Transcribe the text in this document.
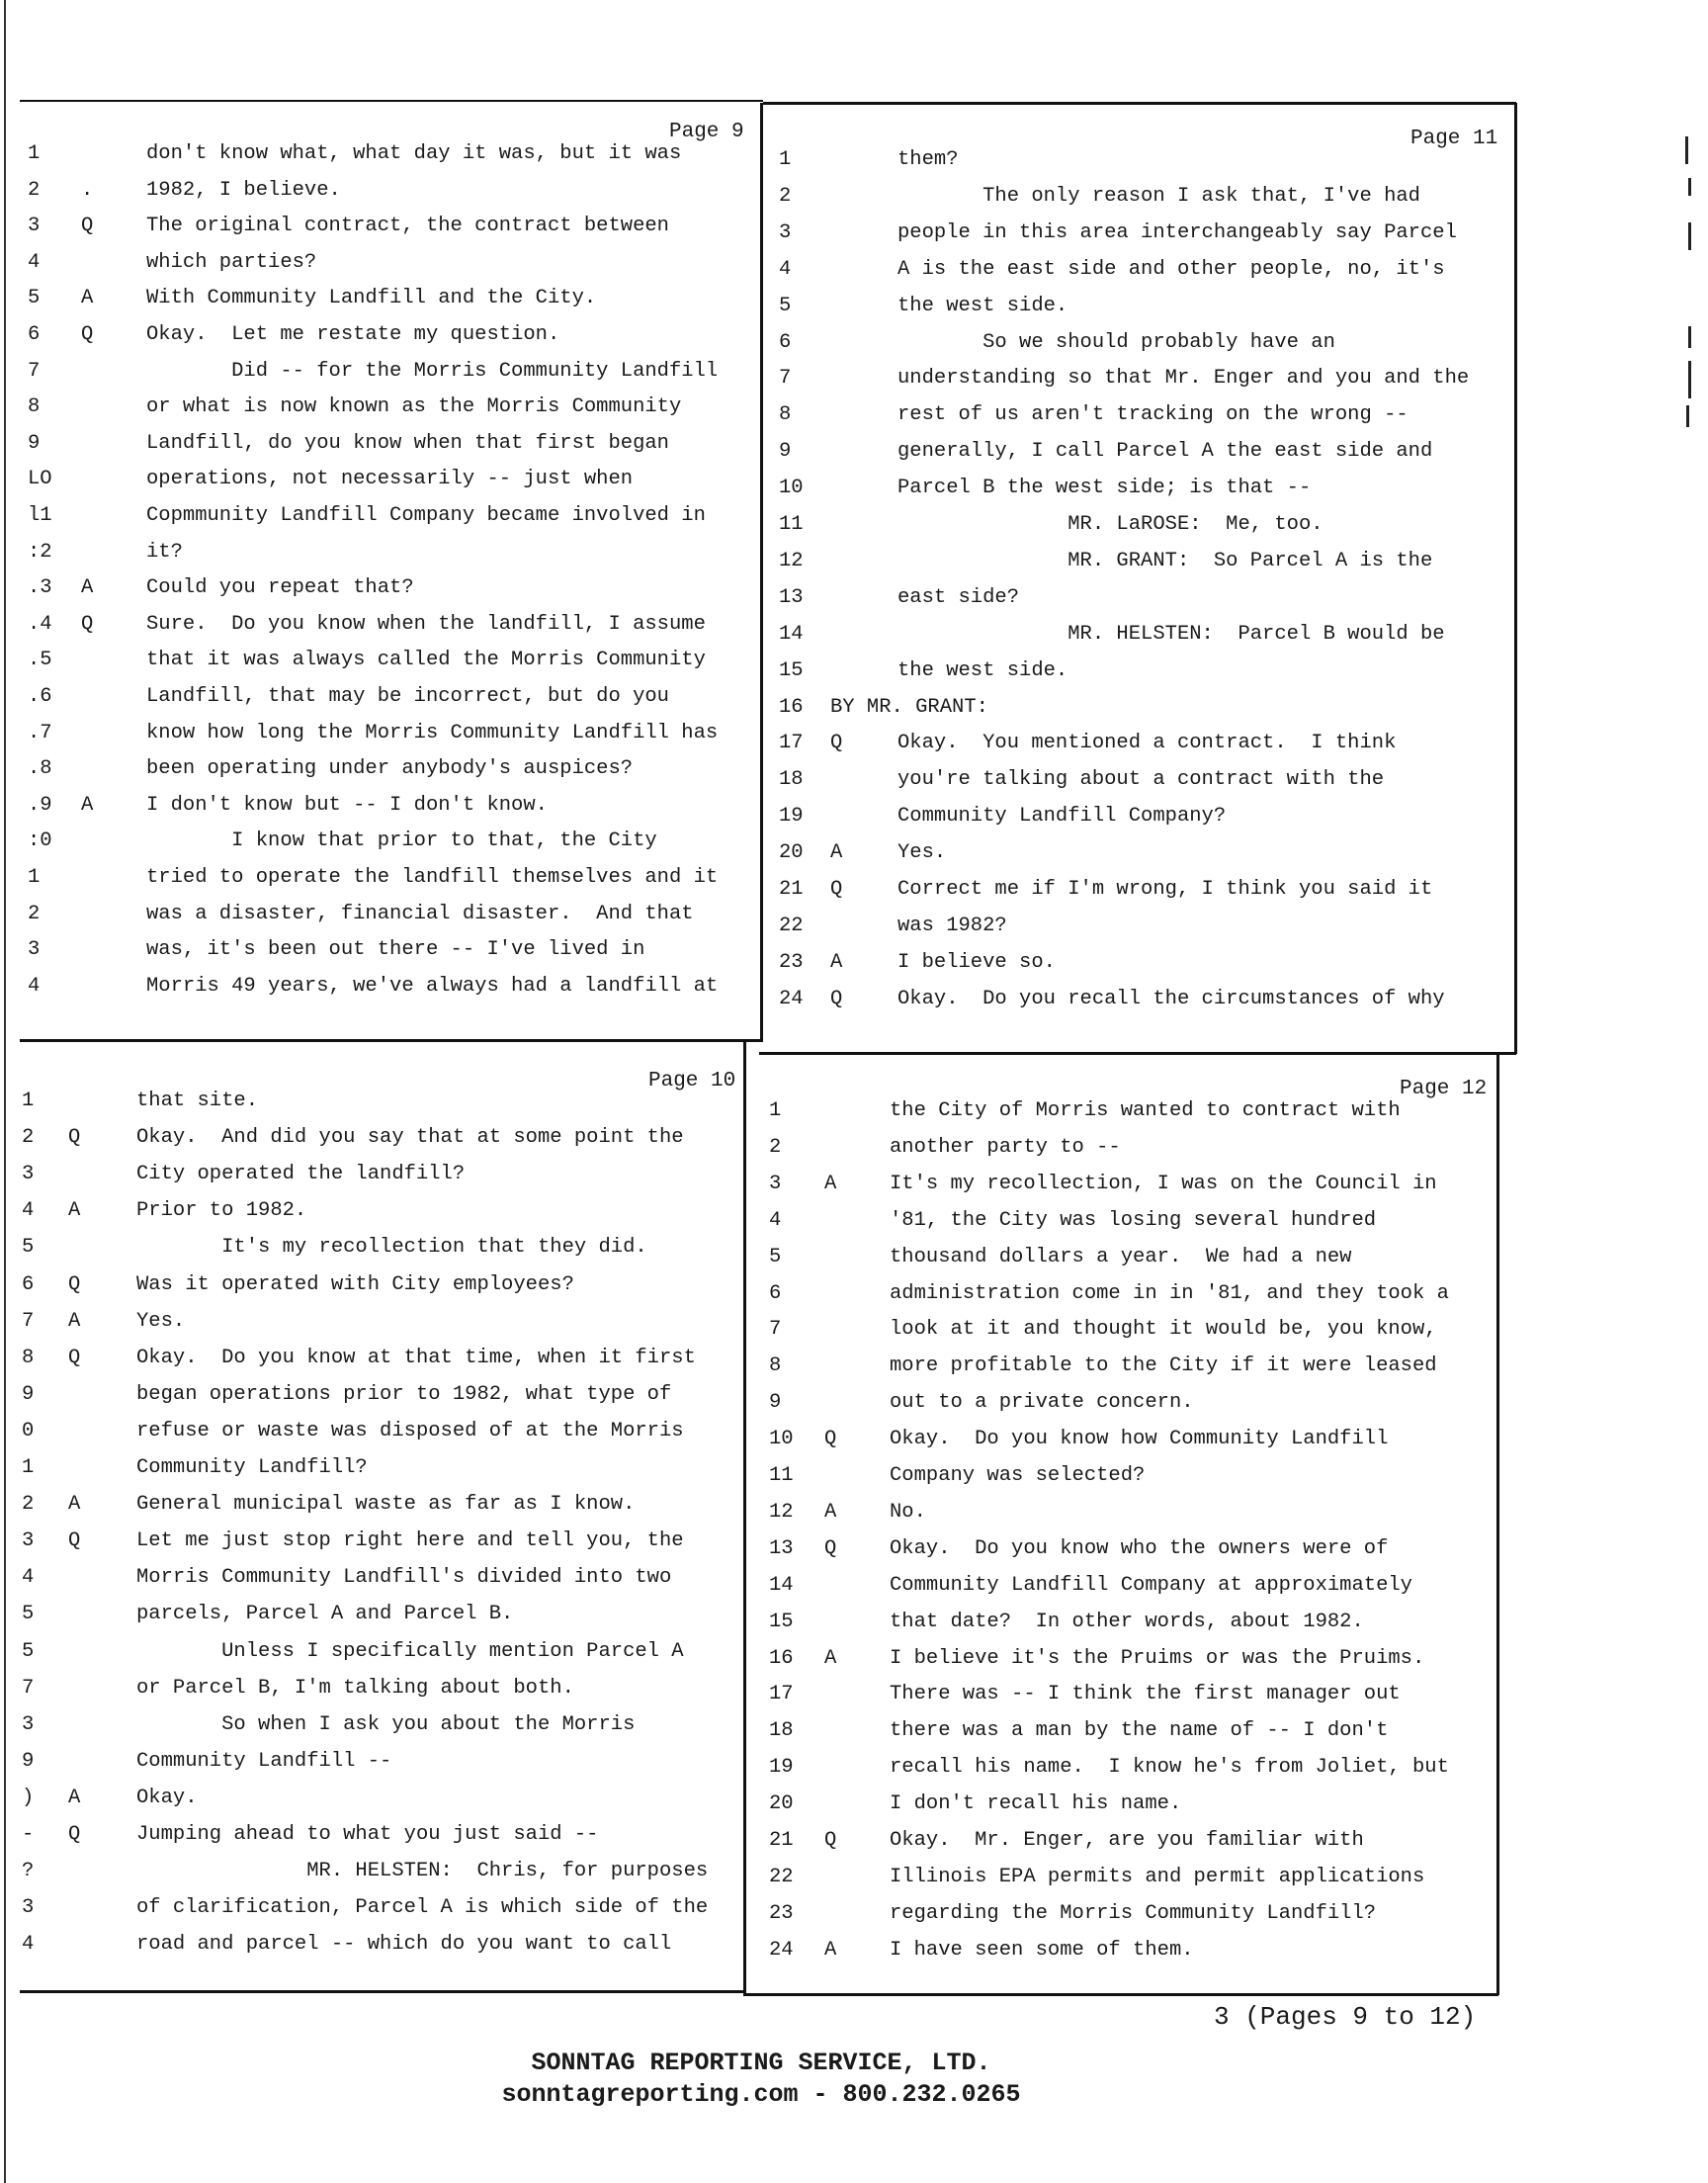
Page 9
1	don't know what, what day it was, but it was
2 .	1982, I believe.
3 Q	The original contract, the contract between
4	which parties?
5 A	With Community Landfill and the City.
6 Q	Okay.  Let me restate my question.
7	Did -- for the Morris Community Landfill
8	or what is now known as the Morris Community
9	Landfill, do you know when that first began
LO	operations, not necessarily -- just when
l1	Copmmunity Landfill Company became involved in
:2	it?
.3 A	Could you repeat that?
.4 Q	Sure.  Do you know when the landfill, I assume
.5	that it was always called the Morris Community
.6	Landfill, that may be incorrect, but do you
.7	know how long the Morris Community Landfill has
.8	been operating under anybody's auspices?
.9 A	I don't know but -- I don't know.
:0	I know that prior to that, the City
1	tried to operate the landfill themselves and it
2	was a disaster, financial disaster.  And that
3	was, it's been out there -- I've lived in
4	Morris 49 years, we've always had a landfill at
Page 11
1	them?
2	The only reason I ask that, I've had
3	people in this area interchangeably say Parcel
4	A is the east side and other people, no, it's
5	the west side.
6	So we should probably have an
7	understanding so that Mr. Enger and you and the
8	rest of us aren't tracking on the wrong --
9	generally, I call Parcel A the east side and
10	Parcel B the west side; is that --
11	MR. LaROSE:  Me, too.
12	MR. GRANT:  So Parcel A is the
13	east side?
14	MR. HELSTEN:  Parcel B would be
15	the west side.
16 BY MR. GRANT:
17 Q	Okay.  You mentioned a contract.  I think
18	you're talking about a contract with the
19	Community Landfill Company?
20 A	Yes.
21 Q	Correct me if I'm wrong, I think you said it
22	was 1982?
23 A	I believe so.
24 Q	Okay.  Do you recall the circumstances of why
Page 10
1	that site.
2 Q	Okay.  And did you say that at some point the
3	City operated the landfill?
4 A	Prior to 1982.
5	It's my recollection that they did.
6 Q	Was it operated with City employees?
7 A	Yes.
8 Q	Okay.  Do you know at that time, when it first
9	began operations prior to 1982, what type of
0	refuse or waste was disposed of at the Morris
1	Community Landfill?
2 A	General municipal waste as far as I know.
3 Q	Let me just stop right here and tell you, the
4	Morris Community Landfill's divided into two
5	parcels, Parcel A and Parcel B.
5	Unless I specifically mention Parcel A
7	or Parcel B, I'm talking about both.
3	So when I ask you about the Morris
9	Community Landfill --
) A	Okay.
- Q	Jumping ahead to what you just said --
?	MR. HELSTEN:  Chris, for purposes
3	of clarification, Parcel A is which side of the
4	road and parcel -- which do you want to call
Page 12
1	the City of Morris wanted to contract with
2	another party to --
3 A	It's my recollection, I was on the Council in
4	'81, the City was losing several hundred
5	thousand dollars a year.  We had a new
6	administration come in in '81, and they took a
7	look at it and thought it would be, you know,
8	more profitable to the City if it were leased
9	out to a private concern.
10 Q	Okay.  Do you know how Community Landfill
11	Company was selected?
12 A	No.
13 Q	Okay.  Do you know who the owners were of
14	Community Landfill Company at approximately
15	that date?  In other words, about 1982.
16 A	I believe it's the Pruims or was the Pruims.
17	There was -- I think the first manager out
18	there was a man by the name of -- I don't
19	recall his name.  I know he's from Joliet, but
20	I don't recall his name.
21 Q	Okay.  Mr. Enger, are you familiar with
22	Illinois EPA permits and permit applications
23	regarding the Morris Community Landfill?
24 A	I have seen some of them.
3 (Pages 9 to 12)
SONNTAG REPORTING SERVICE, LTD.
sonntagreporting.com - 800.232.0265
